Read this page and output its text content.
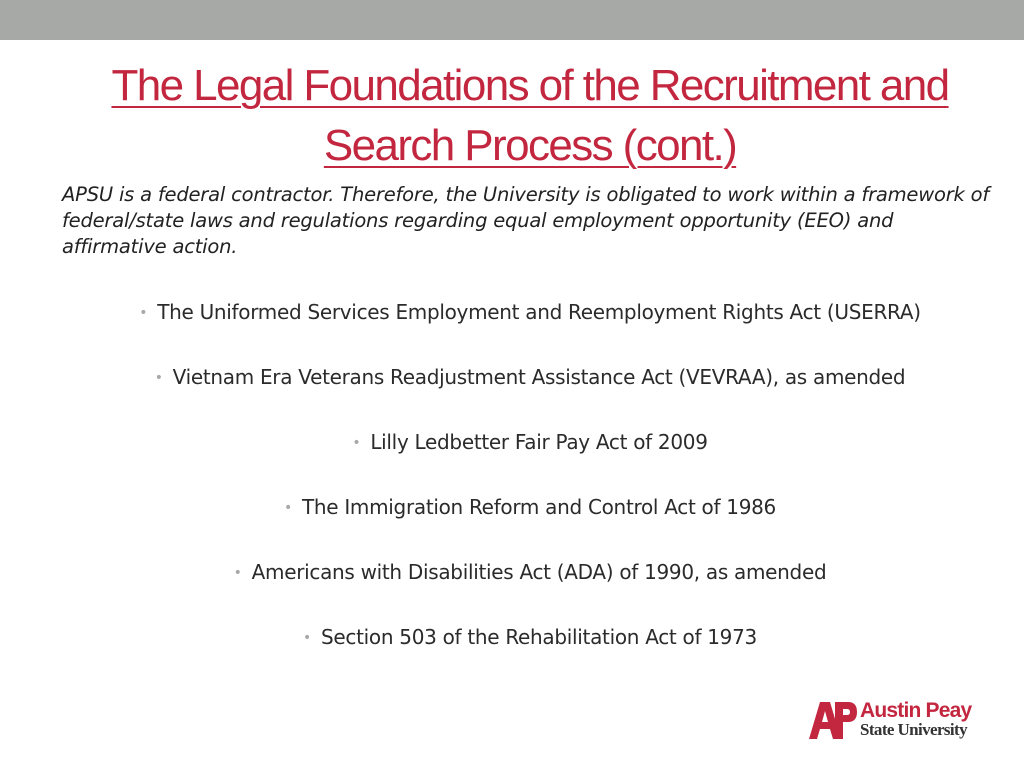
The Legal Foundations of the Recruitment and
Search Process (cont.)

APSU is a federal contractor. Therefore, the University is obligated to work within a framework of federal/state laws and regulations regarding equal employment opportunity (EEO) and affirmative action.

• The Uniformed Services Employment and Reemployment Rights Act (USERRA)
• Vietnam Era Veterans Readjustment Assistance Act (VEVRAA), as amended
• Lilly Ledbetter Fair Pay Act of 2009
• The Immigration Reform and Control Act of 1986
• Americans with Disabilities Act (ADA) of 1990, as amended
• Section 503 of the Rehabilitation Act of 1973
Austin Peay
State University
